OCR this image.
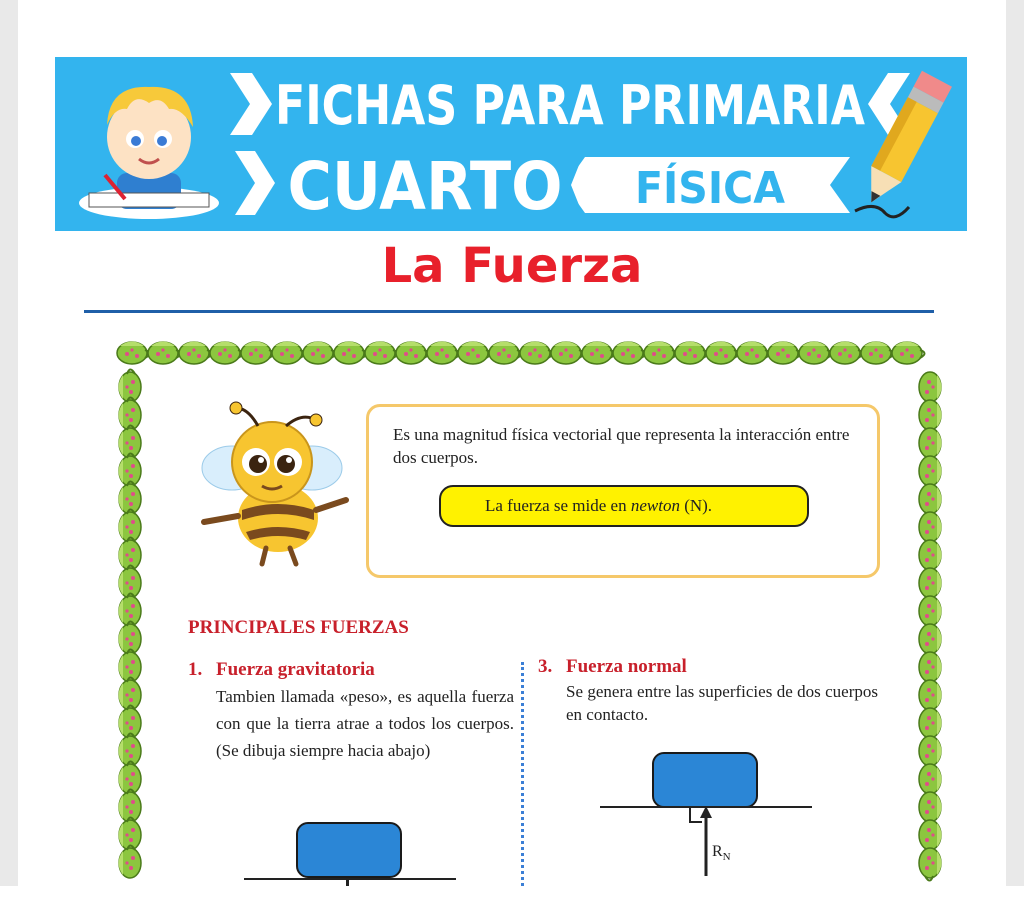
FICHAS PARA PRIMARIA
CUARTO FÍSICA
La Fuerza
Es una magnitud física vectorial que representa la interacción entre dos cuerpos.
La fuerza se mide en newton (N).
PRINCIPALES FUERZAS
1. Fuerza gravitatoria
Tambien llamada «peso», es aquella fuerza con que la tierra atrae a todos los cuerpos. (Se dibuja siempre hacia abajo)
3. Fuerza normal
Se genera entre las superficies de dos cuerpos en contacto.
$R_N$
